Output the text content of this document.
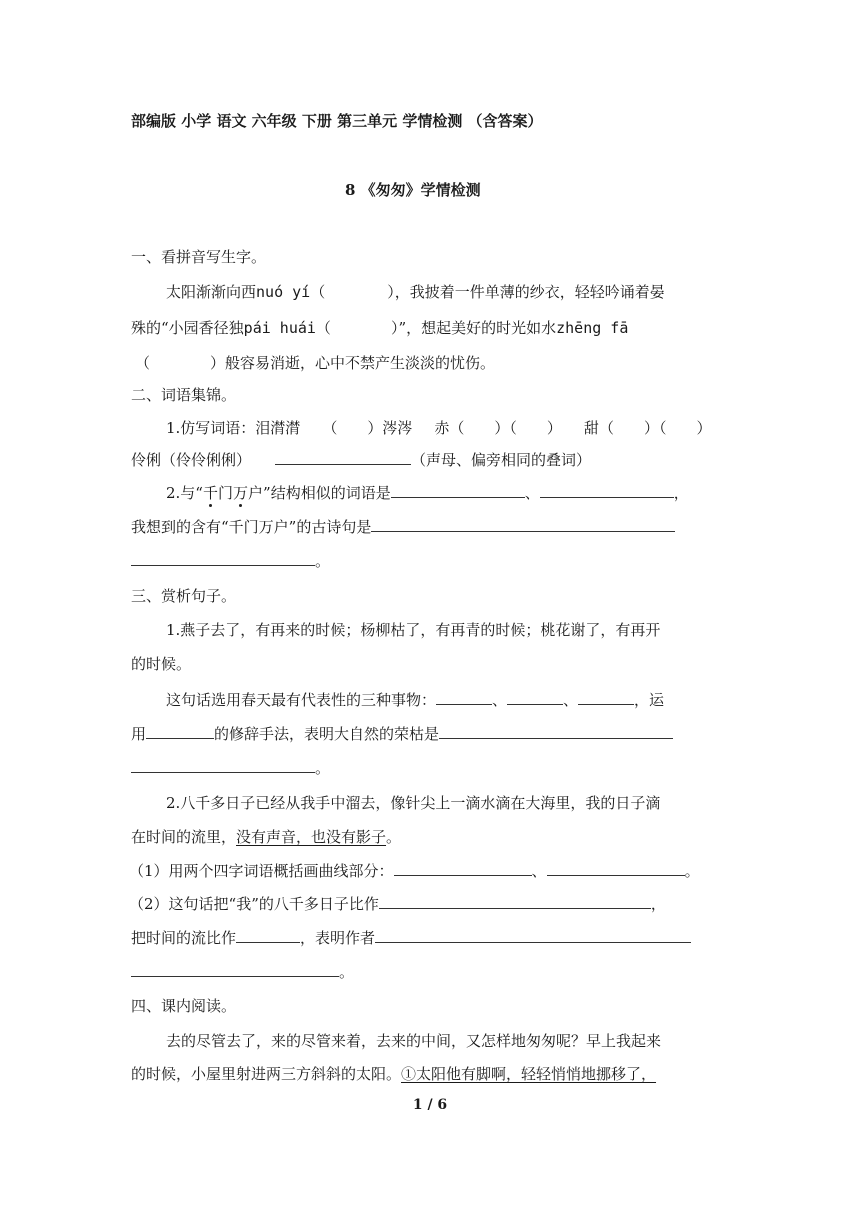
部编版 小学 语文 六年级 下册 第三单元 学情检测 （含答案）
8 《匆匆》学情检测
一、看拼音写生字。
太阳渐渐向西nuó yí（	），我披着一件单薄的纱衣，轻轻吟诵着晏
殊的“小园香径独pái huái（	）”，想起美好的时光如水zhēng fā
（	）般容易消逝，心中不禁产生淡淡的忧伤。
二、词语集锦。
1.仿写词语：泪潸潸 （ ）涔涔 赤（ ）（ ） 甜（ ）（ ）
伶俐（伶伶俐俐）	（声母、偏旁相同的叠词）
2.与“千门万户”结构相似的词语是	、	，
我想到的含有“千门万户”的古诗句是
。
三、赏析句子。
1.燕子去了，有再来的时候；杨柳枯了，有再青的时候；桃花谢了，有再开
的时候。
这句话选用春天最有代表性的三种事物：	、	、	，运
用	的修辞手法，表明大自然的荣枯是
。
2.八千多日子已经从我手中溜去，像针尖上一滴水滴在大海里，我的日子滴
在时间的流里，没有声音，也没有影子。
（1）用两个四字词语概括画曲线部分：	、	。
（2）这句话把“我”的八千多日子比作	，
把时间的流比作	，表明作者
。
四、课内阅读。
去的尽管去了，来的尽管来着，去来的中间，又怎样地匆匆呢？早上我起来
的时候，小屋里射进两三方斜斜的太阳。①太阳他有脚啊，轻轻悄悄地挪移了，
1 / 6
